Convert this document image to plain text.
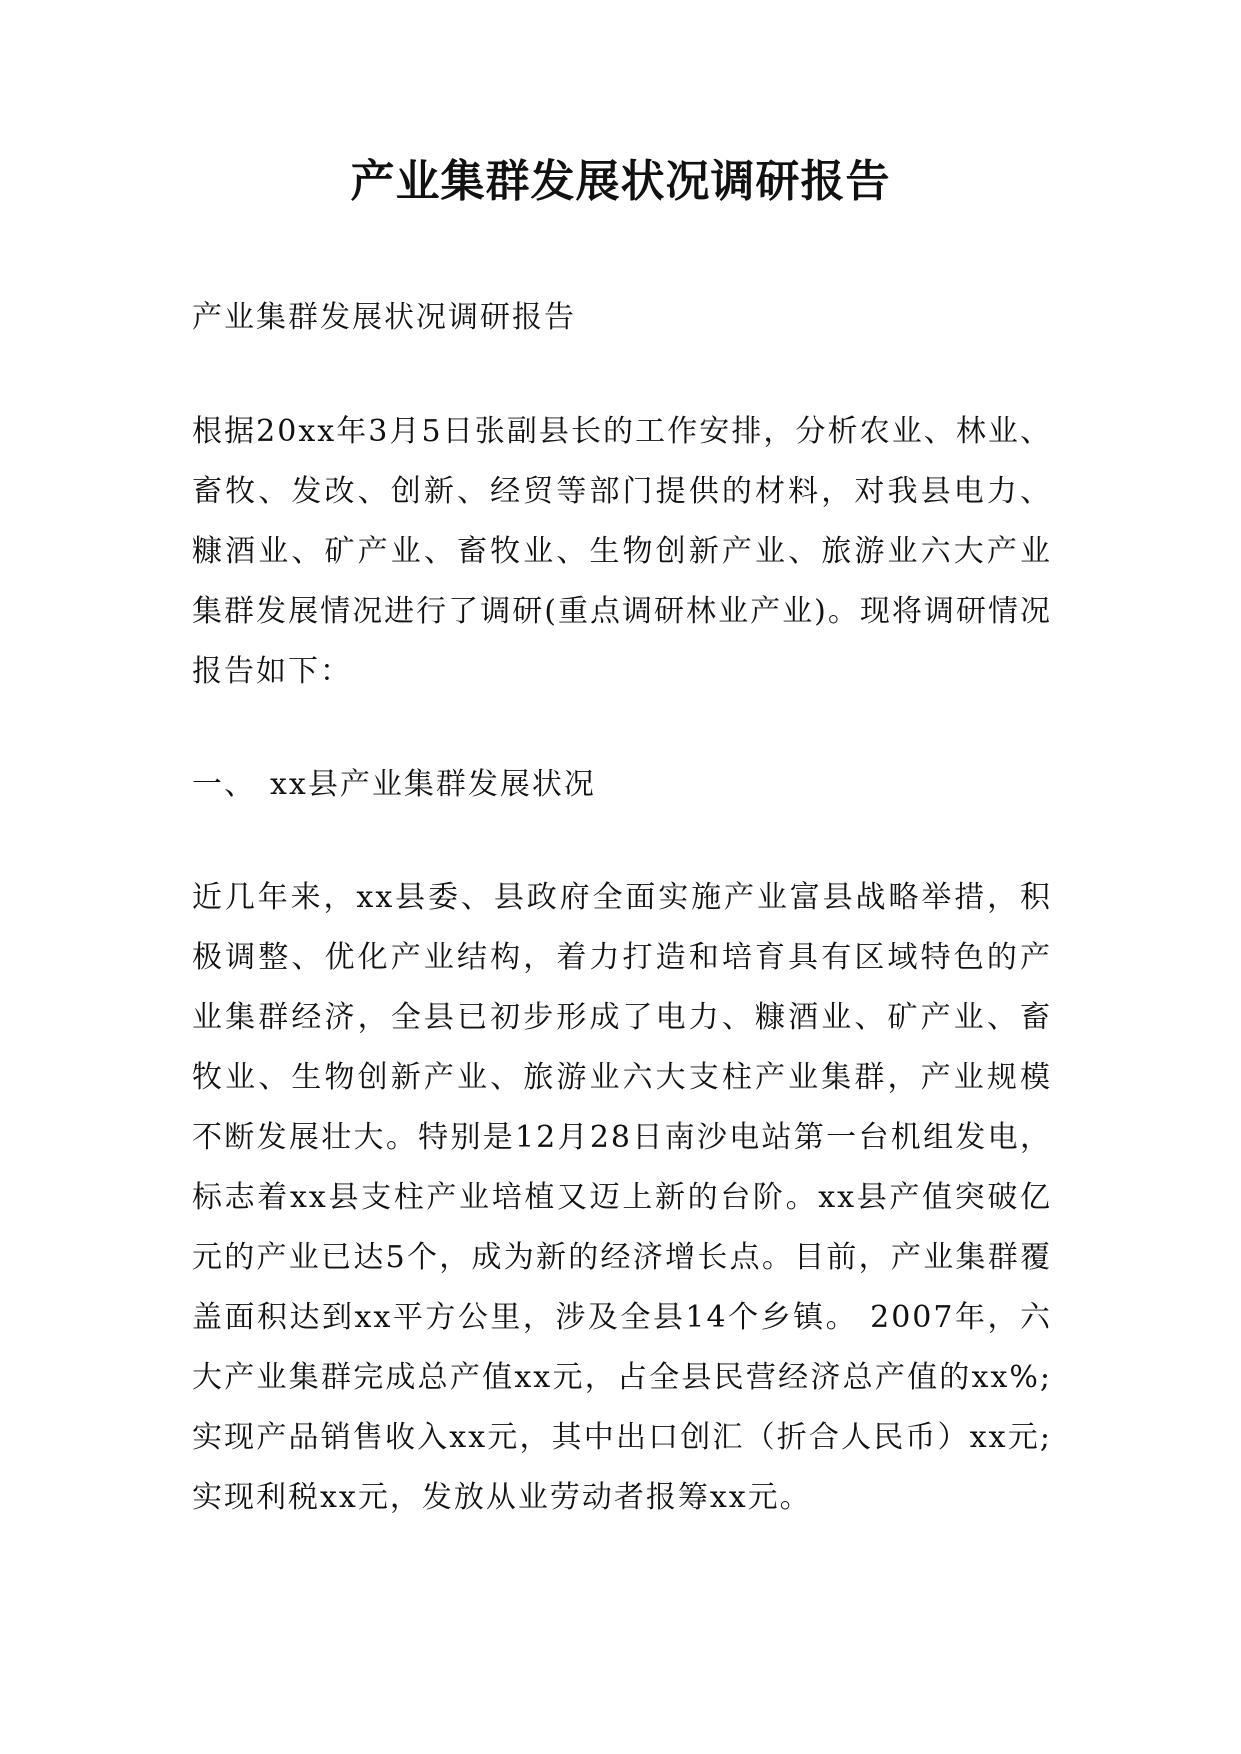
产业集群发展状况调研报告

产业集群发展状况调研报告

根据20xx年3月5日张副县长的工作安排，分析农业、林业、畜牧、发改、创新、经贸等部门提供的材料，对我县电力、糠酒业、矿产业、畜牧业、生物创新产业、旅游业六大产业集群发展情况进行了调研(重点调研林业产业)。现将调研情况报告如下：

一、 xx县产业集群发展状况

近几年来，xx县委、县政府全面实施产业富县战略举措，积极调整、优化产业结构，着力打造和培育具有区域特色的产业集群经济，全县已初步形成了电力、糠酒业、矿产业、畜牧业、生物创新产业、旅游业六大支柱产业集群，产业规模不断发展壮大。特别是12月28日南沙电站第一台机组发电，标志着xx县支柱产业培植又迈上新的台阶。xx县产值突破亿元的产业已达5个，成为新的经济增长点。目前，产业集群覆盖面积达到xx平方公里，涉及全县14个乡镇。 2007年，六大产业集群完成总产值xx元，占全县民营经济总产值的xx%;实现产品销售收入xx元，其中出口创汇（折合人民币）xx元;实现利税xx元，发放从业劳动者报筹xx元。
